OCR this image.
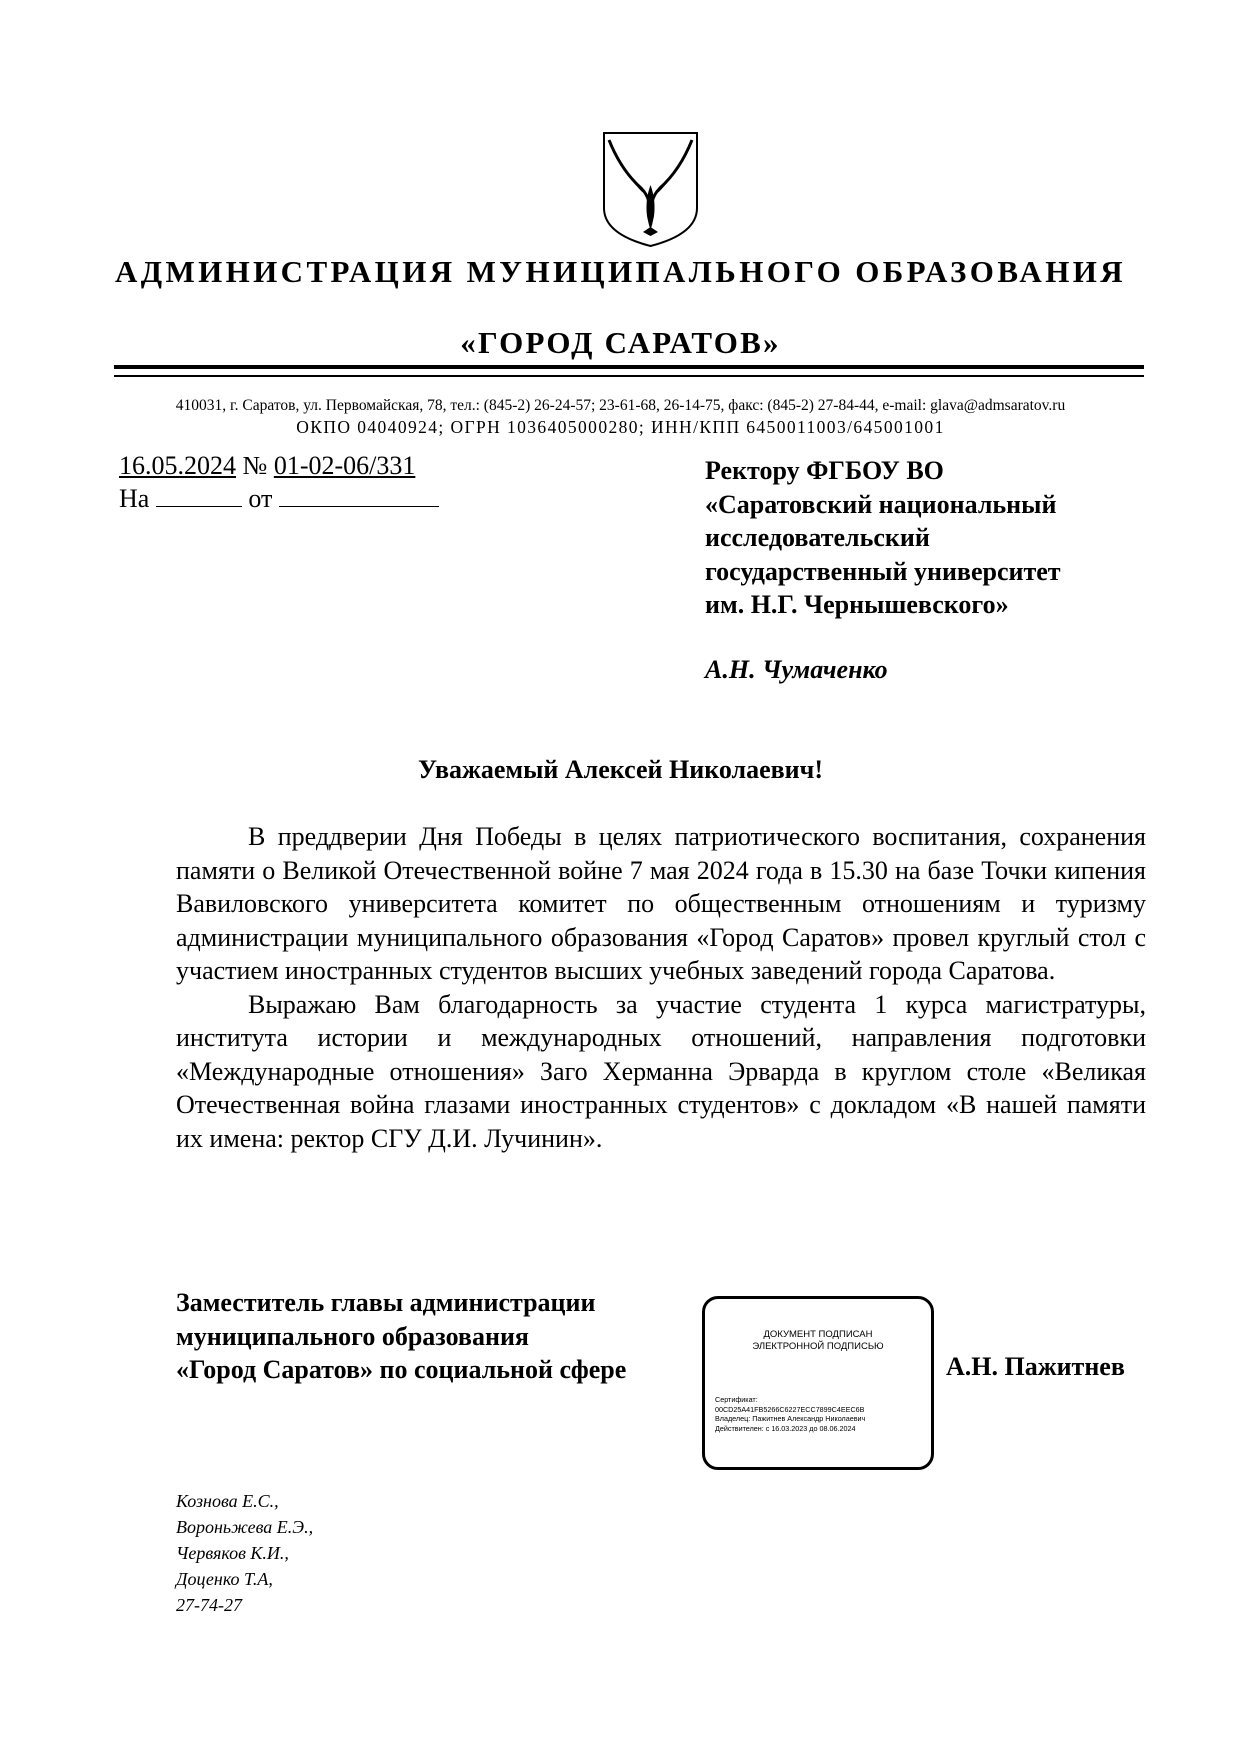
АДМИНИСТРАЦИЯ МУНИЦИПАЛЬНОГО ОБРАЗОВАНИЯ
«ГОРОД САРАТОВ»
410031, г. Саратов, ул. Первомайская, 78, тел.: (845-2) 26-24-57; 23-61-68, 26-14-75, факс: (845-2) 27-84-44, e-mail: glava@admsaratov.ru
ОКПО 04040924; ОГРН 1036405000280; ИНН/КПП 6450011003/645001001
16.05.2024 № 01-02-06/331
На	от
Ректору ФГБОУ ВО
«Саратовский национальный
исследовательский
государственный университет
им. Н.Г. Чернышевского»
А.Н. Чумаченко
Уважаемый Алексей Николаевич!

В преддверии Дня Победы в целях патриотического воспитания, сохранения памяти о Великой Отечественной войне 7 мая 2024 года в 15.30 на базе Точки кипения Вавиловского университета комитет по общественным отношениям и туризму администрации муниципального образования «Город Саратов» провел круглый стол с участием иностранных студентов высших учебных заведений города Саратова.

Выражаю Вам благодарность за участие студента 1 курса магистратуры, института истории и международных отношений, направления подготовки «Международные отношения» Заго Херманна Эрварда в круглом столе «Великая Отечественная война глазами иностранных студентов» с докладом «В нашей памяти их имена: ректор СГУ Д.И. Лучинин».

Заместитель главы администрации
муниципального образования
«Город Саратов» по социальной сфере
ДОКУМЕНТ ПОДПИСАН
ЭЛЕКТРОННОЙ ПОДПИСЬЮ
Сертификат:
00CD25A41FB5266C6227ECC7899C4EEC6B
Владелец: Пажитнев Александр Николаевич
Действителен: с 16.03.2023 до 08.06.2024
А.Н. Пажитнев
Кознова Е.С.,
Вороньжева Е.Э.,
Червяков К.И.,
Доценко Т.А,
27-74-27
